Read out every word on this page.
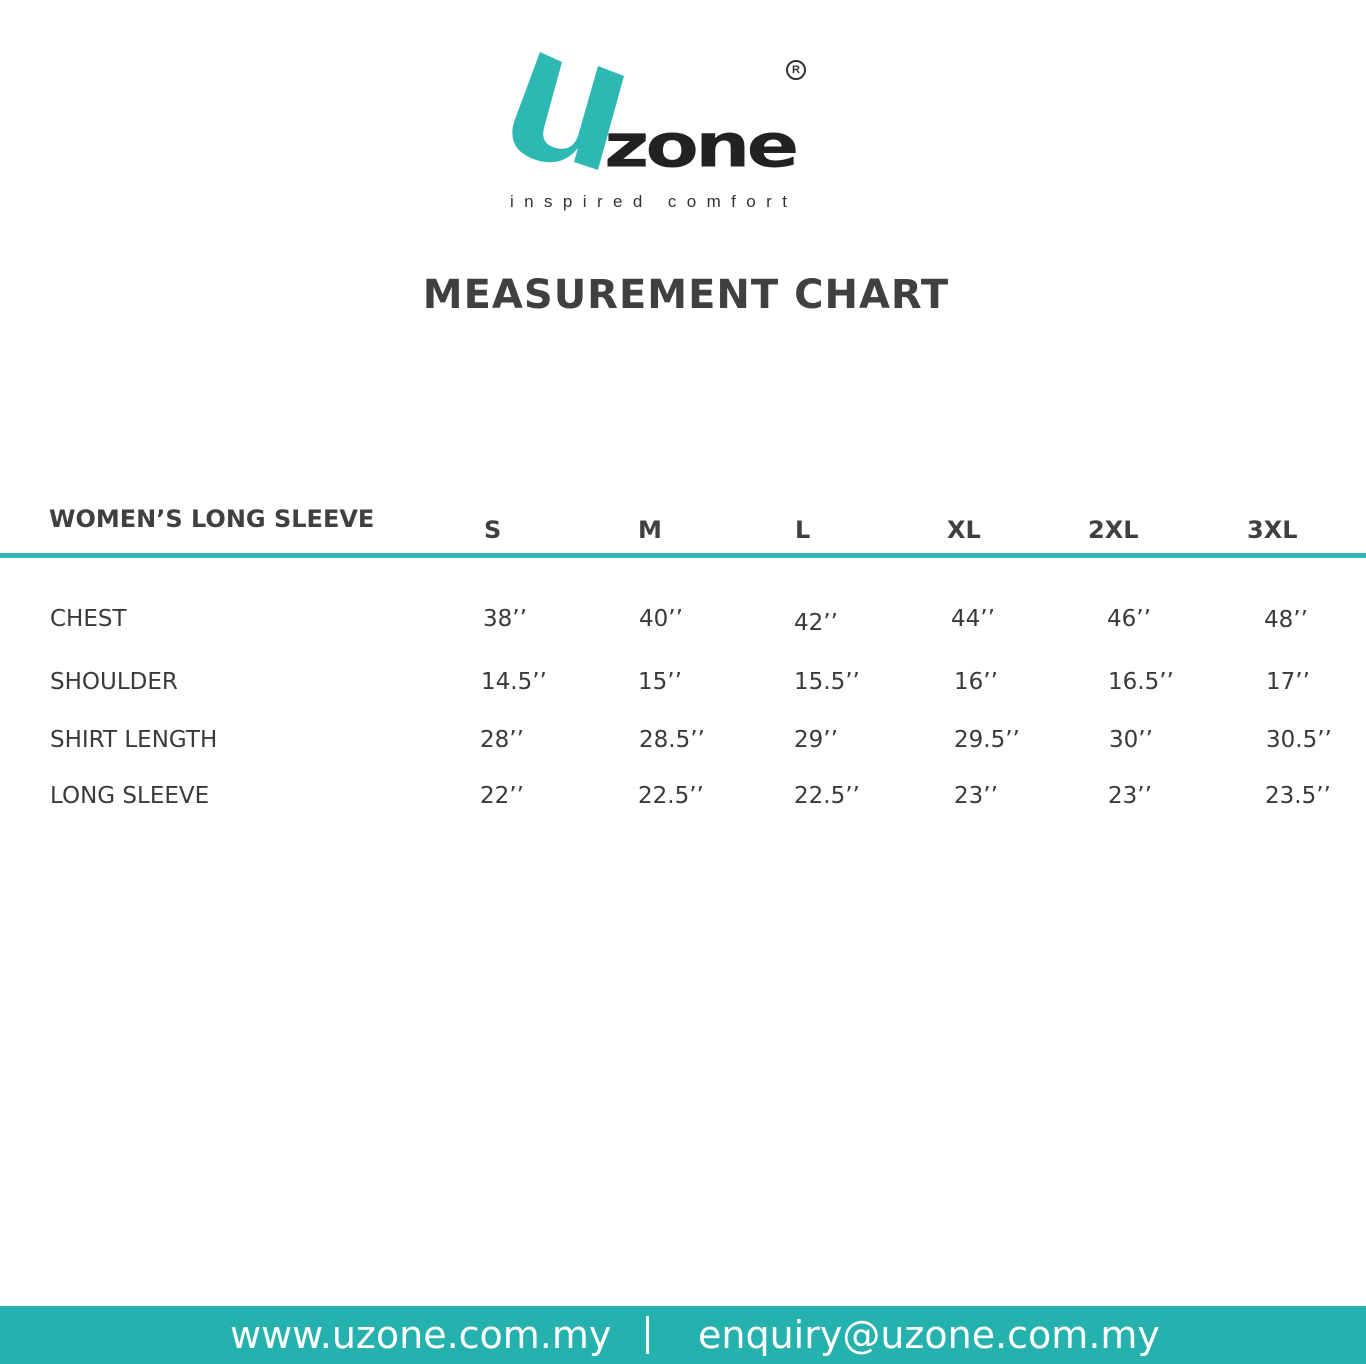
zone
R
inspired comfort
MEASUREMENT CHART
WOMEN’S LONG SLEEVE	S	M	L	XL	2XL	3XL
CHEST	38’’	40’’	42’’	44’’	46’’	48’’
SHOULDER	14.5’’	15’’	15.5’’	16’’	16.5’’	17’’
SHIRT LENGTH	28’’	28.5’’	29’’	29.5’’	30’’	30.5’’
LONG SLEEVE	22’’	22.5’’	22.5’’	23’’	23’’	23.5’’
www.uzone.com.my enquiry@uzone.com.my
